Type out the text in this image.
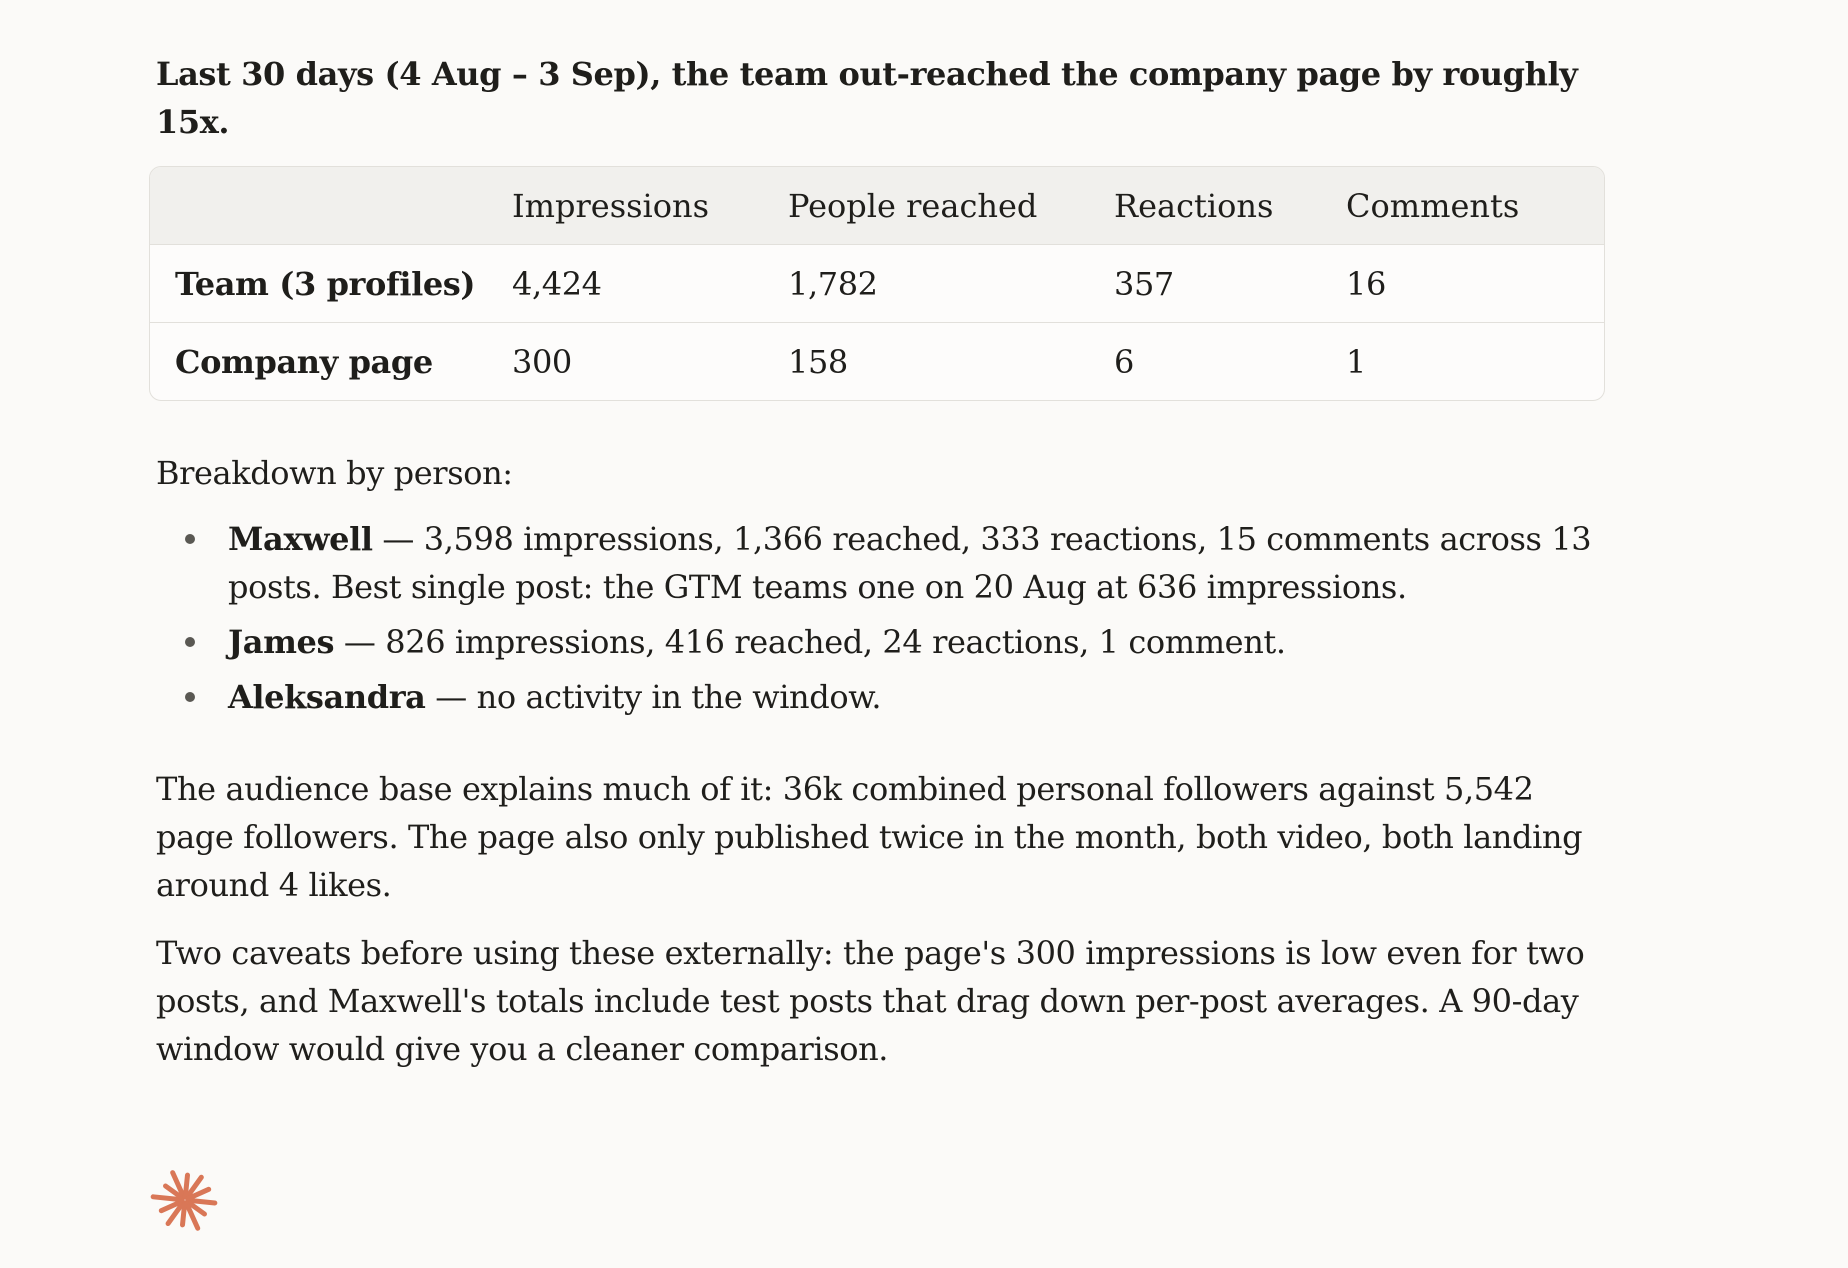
Last 30 days (4 Aug – 3 Sep), the team out-reached the company page by roughly 15x.

	Impressions	People reached	Reactions	Comments
Team (3 profiles)	4,424	1,782	357	16
Company page	300	158	6	1

Breakdown by person:

Maxwell — 3,598 impressions, 1,366 reached, 333 reactions, 15 comments across 13 posts. Best single post: the GTM teams one on 20 Aug at 636 impressions.
James — 826 impressions, 416 reached, 24 reactions, 1 comment.
Aleksandra — no activity in the window.

The audience base explains much of it: 36k combined personal followers against 5,542 page followers. The page also only published twice in the month, both video, both landing around 4 likes.

Two caveats before using these externally: the page's 300 impressions is low even for two posts, and Maxwell's totals include test posts that drag down per-post averages. A 90-day window would give you a cleaner comparison.
